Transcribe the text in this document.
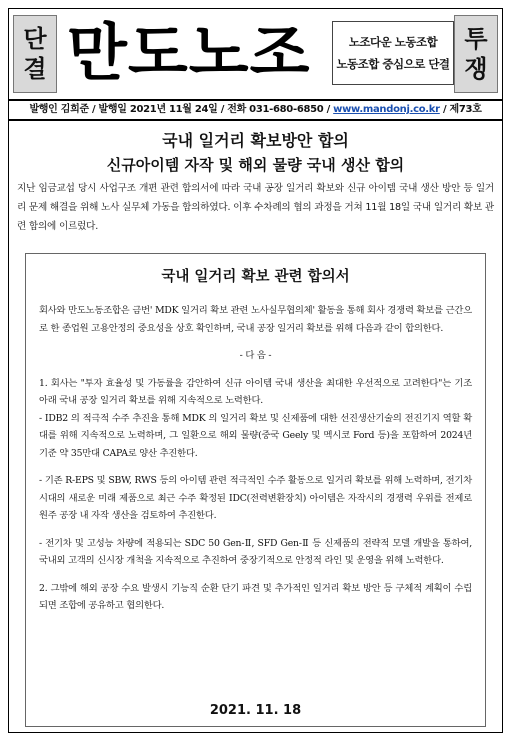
단
결 만도노조	노조다운 노동조합
노동조합 중심으로 단결
투
쟁
발행인 김희준 / 발행일 2021년 11월 24일 / 전화 031-680-6850 / www.mandonj.co.kr / 제73호
국내 일거리 확보방안 합의
신규아이템 자작 및 해외 물량 국내 생산 합의
지난 임금교섭 당시 사업구조 개편 관련 합의서에 따라 국내 공장 일거리 확보와 신규 아이템 국내 생산 방안 등 일거리 문제 해결을 위해 노사 실무체 가동을 합의하였다. 이후 수차례의 협의 과정을 거쳐 11월 18일 국내 일거리 확보 관련 합의에 이르렀다.
국내 일거리 확보 관련 합의서

회사와 만도노동조합은 금번' MDK 일거리 확보 관련 노사실무협의체' 활동을 통해 회사 경쟁력 확보를 근간으로 한 종업원 고용안정의 중요성을 상호 확인하며, 국내 공장 일거리 확보를 위해 다음과 같이 합의한다.

- 다 음 -

1. 회사는 "투자 효율성 및 가동률을 감안하여 신규 아이템 국내 생산을 최대한 우선적으로 고려한다"는 기조 아래 국내 공장 일거리 확보를 위해 지속적으로 노력한다.

- IDB2 의 적극적 수주 추진을 통해 MDK 의 일거리 확보 및 신제품에 대한 선진생산기술의 전진기지 역할 확대를 위해 지속적으로 노력하며, 그 일환으로 해외 물량(중국 Geely 및 멕시코 Ford 등)을 포함하여 2024년 기준 약 35만대 CAPA로 양산 추진한다.

- 기존 R-EPS 및 SBW, RWS 등의 아이템 관련 적극적인 수주 활동으로 일거리 확보를 위해 노력하며, 전기차 시대의 새로운 미래 제품으로 최근 수주 확정된 IDC(전력변환장치) 아이템은 자작시의 경쟁력 우위를 전제로 원주 공장 내 자작 생산을 검토하여 추진한다.

- 전기차 및 고성능 차량에 적용되는 SDC 50 Gen-Ⅱ, SFD Gen-Ⅱ 등 신제품의 전략적 모델 개발을 통하여, 국내외 고객의 신시장 개척을 지속적으로 추진하여 중장기적으로 안정적 라인 및 운영을 위해 노력한다.

2. 그밖에 해외 공장 수요 발생시 기능직 순환 단기 파견 및 추가적인 일거리 확보 방안 등 구체적 계획이 수립되면 조합에 공유하고 협의한다.

2021. 11. 18
